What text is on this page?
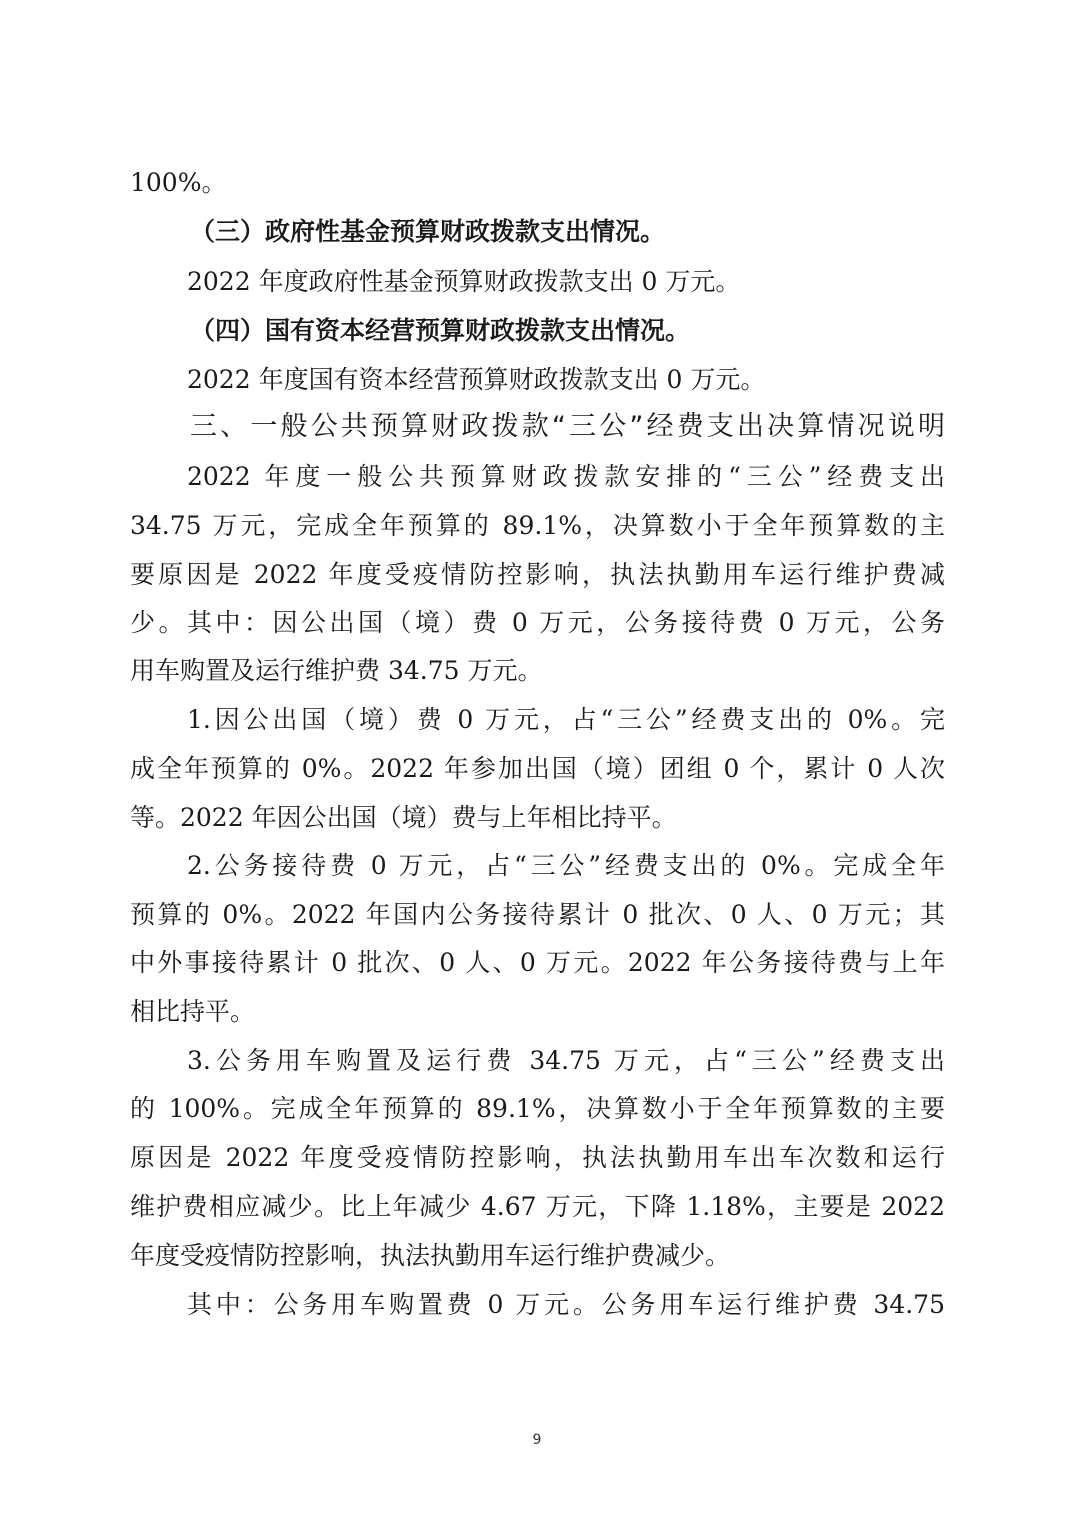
100%。
（三）政府性基金预算财政拨款支出情况。
2022 年度政府性基金预算财政拨款支出 0 万元。
（四）国有资本经营预算财政拨款支出情况。
2022 年度国有资本经营预算财政拨款支出 0 万元。
三、一般公共预算财政拨款“三公”经费支出决算情况说明
2022 年度一般公共预算财政拨款安排的“三公”经费支出
34.75 万元，完成全年预算的 89.1%，决算数小于全年预算数的主
要原因是 2022 年度受疫情防控影响，执法执勤用车运行维护费减
少。其中：因公出国（境）费 0 万元，公务接待费 0 万元，公务
用车购置及运行维护费 34.75 万元。
1.因公出国（境）费 0 万元，占“三公”经费支出的 0%。完
成全年预算的 0%。2022 年参加出国（境）团组 0 个，累计 0 人次
等。2022 年因公出国（境）费与上年相比持平。
2.公务接待费 0 万元，占“三公”经费支出的 0%。完成全年
预算的 0%。2022 年国内公务接待累计 0 批次、0 人、0 万元；其
中外事接待累计 0 批次、0 人、0 万元。2022 年公务接待费与上年
相比持平。
3.公务用车购置及运行费 34.75 万元，占“三公”经费支出
的 100%。完成全年预算的 89.1%，决算数小于全年预算数的主要
原因是 2022 年度受疫情防控影响，执法执勤用车出车次数和运行
维护费相应减少。比上年减少 4.67 万元，下降 1.18%，主要是 2022
年度受疫情防控影响，执法执勤用车运行维护费减少。
其中：公务用车购置费 0 万元。公务用车运行维护费 34.75
9
